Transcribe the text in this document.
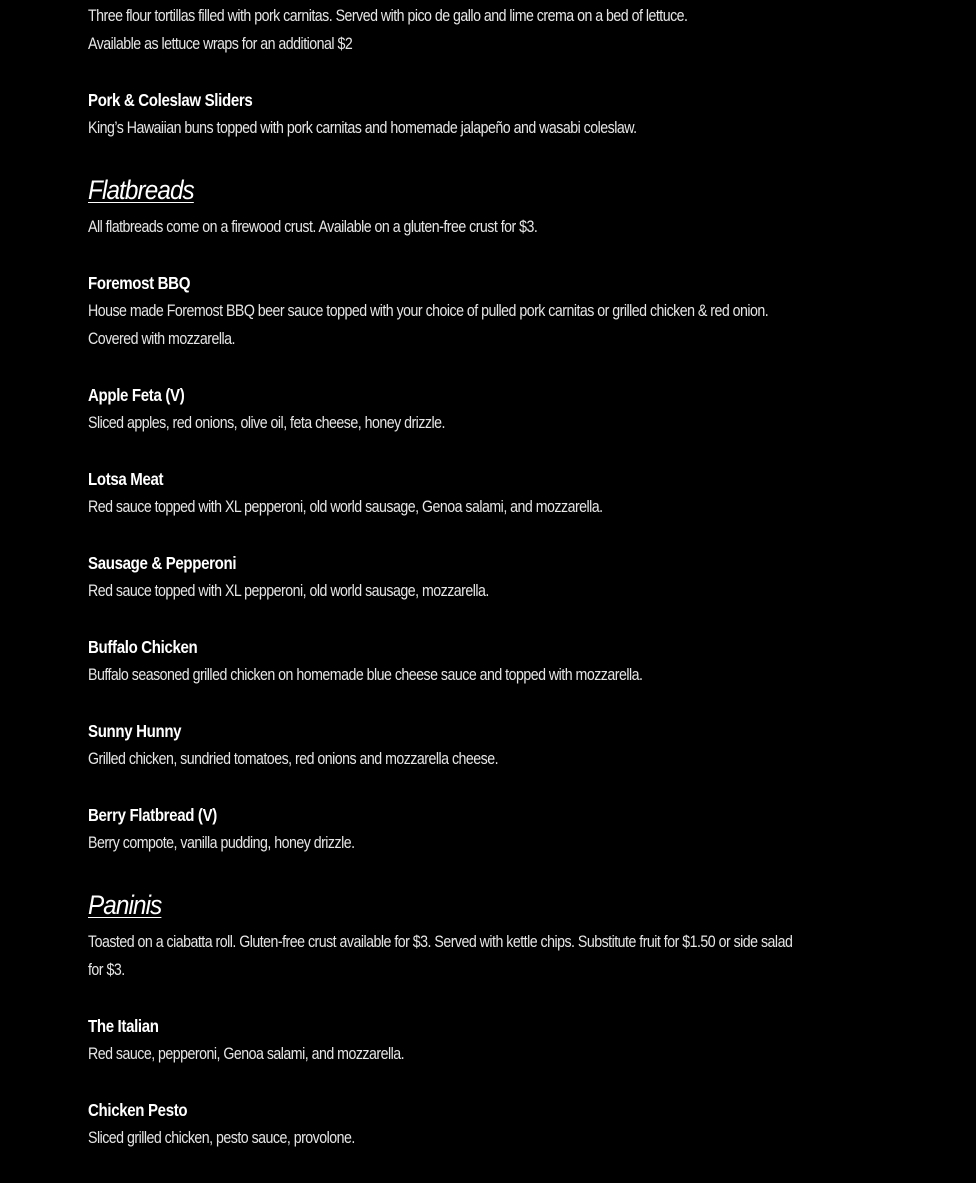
Three flour tortillas filled with pork carnitas. Served with pico de gallo and lime crema on a bed of lettuce.
Available as lettuce wraps for an additional $2
Pork & Coleslaw Sliders
King’s Hawaiian buns topped with pork carnitas and homemade jalapeño and wasabi coleslaw.
Flatbreads
All flatbreads come on a firewood crust. Available on a gluten-free crust for $3.
Foremost BBQ
House made Foremost BBQ beer sauce topped with your choice of pulled pork carnitas or grilled chicken & red onion.
Covered with mozzarella.
Apple Feta (V)
Sliced apples, red onions, olive oil, feta cheese, honey drizzle.
Lotsa Meat
Red sauce topped with XL pepperoni, old world sausage, Genoa salami, and mozzarella.
Sausage & Pepperoni
Red sauce topped with XL pepperoni, old world sausage, mozzarella.
Buffalo Chicken
Buffalo seasoned grilled chicken on homemade blue cheese sauce and topped with mozzarella.
Sunny Hunny
Grilled chicken, sundried tomatoes, red onions and mozzarella cheese.
Berry Flatbread (V)
Berry compote, vanilla pudding, honey drizzle.
Paninis
Toasted on a ciabatta roll. Gluten-free crust available for $3. Served with kettle chips. Substitute fruit for $1.50 or side salad
for $3.
The Italian
Red sauce, pepperoni, Genoa salami, and mozzarella.
Chicken Pesto
Sliced grilled chicken, pesto sauce, provolone.
